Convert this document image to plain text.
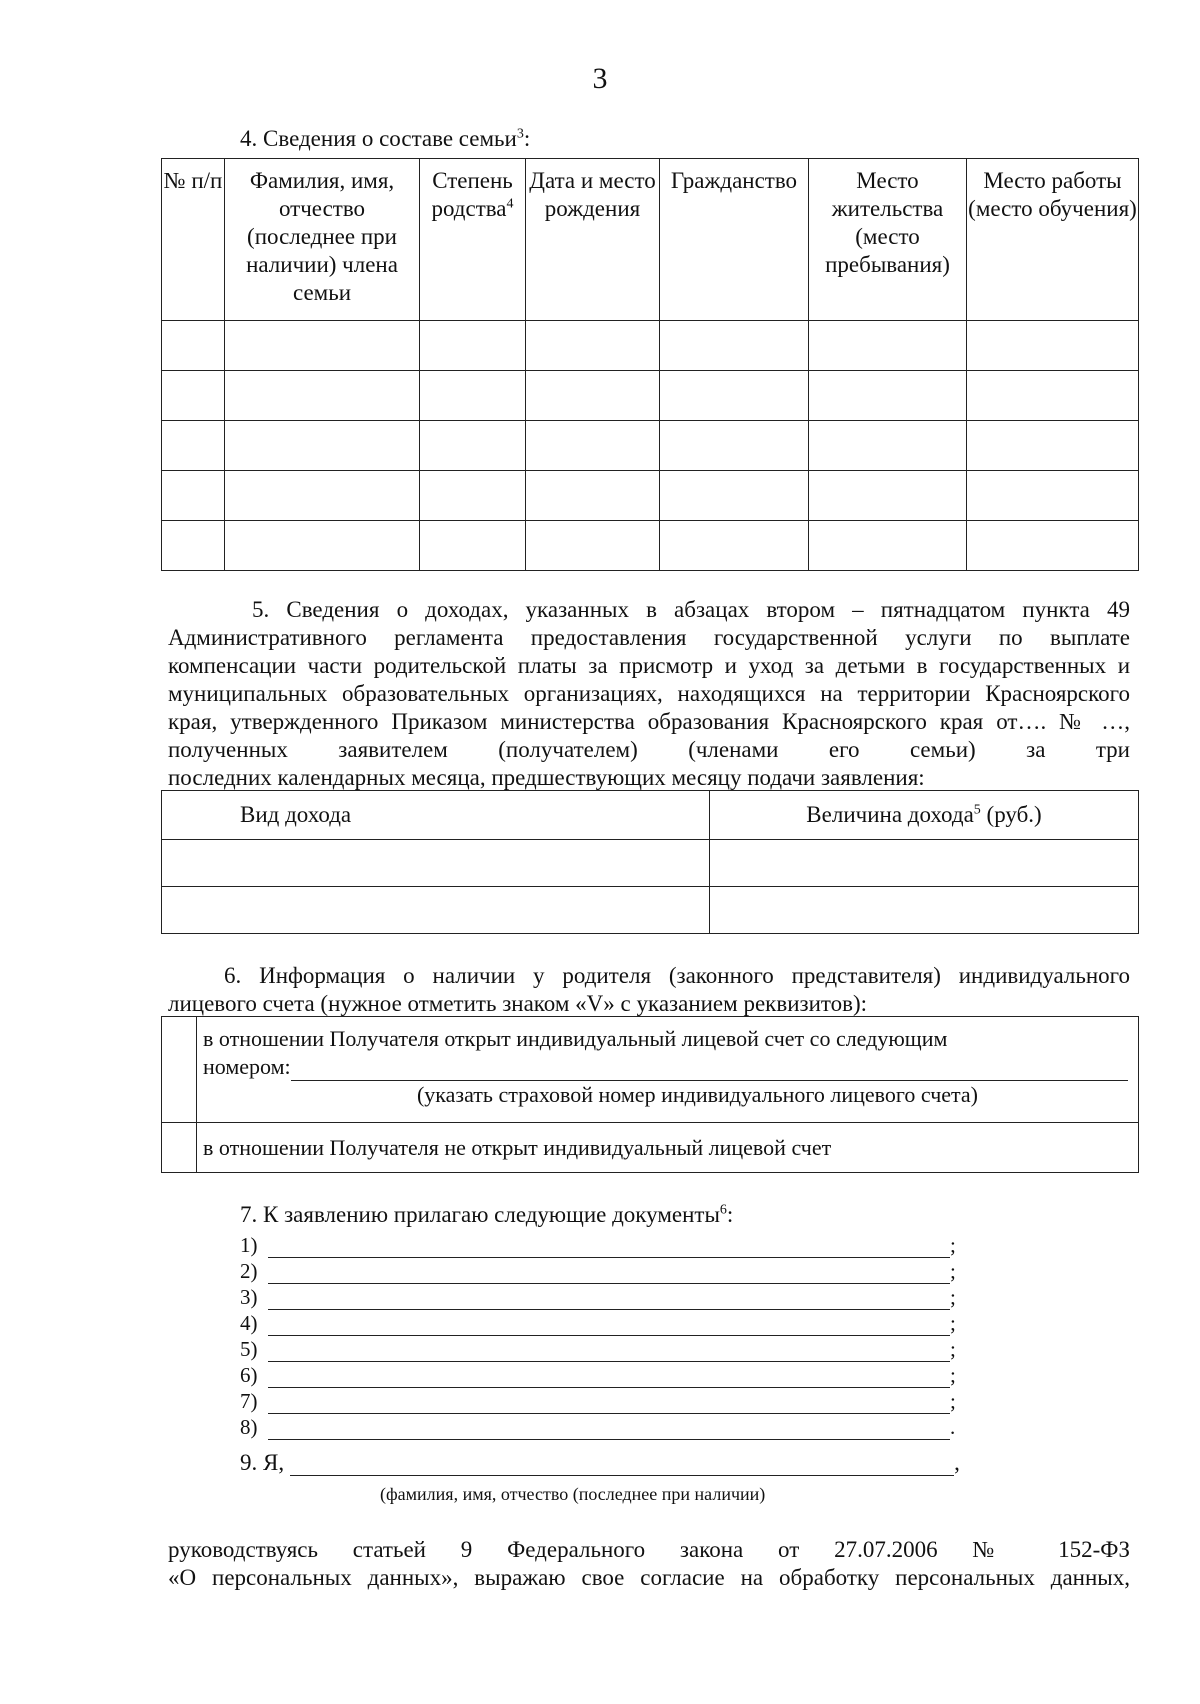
3
4. Сведения о составе семьи$^3$:
№ п/п	Фамилия, имя, отчество (последнее при наличии) члена семьи	Степень родства$^4$	Дата и место рождения	Гражданство	Место жительства (место пребывания)	Место работы (место обучения)

5. Сведения о доходах, указанных в абзацах втором – пятнадцатом пункта 49 Административного регламента предоставления государственной услуги по выплате компенсации части родительской платы за присмотр и уход за детьми в государственных и муниципальных образовательных организациях, находящихся на территории Красноярского края, утвержденного Приказом министерства образования Красноярского края от…. № …, полученных заявителем (получателем) (членами его семьи) за три
последних календарных месяца, предшествующих месяцу подачи заявления:
Вид дохода	Величина дохода$^5$ (руб.)

6. Информация о наличии у родителя (законного представителя) индивидуального
лицевого счета (нужное отметить знаком «V» с указанием реквизитов):

	в отношении Получателя открыт индивидуальный лицевой счет со следующим
номером:
(указать страховой номер индивидуального лицевого счета)

	в отношении Получателя не открыт индивидуальный лицевой счет
7. К заявлению прилагаю следующие документы$^6$:
1)	;
2)	;
3)	;
4)	;
5)	;
6)	;
7)	;
8)	.
9. Я,	,
(фамилия, имя, отчество (последнее при наличии)
руководствуясь статьей 9 Федерального закона от 27.07.2006 № 152-ФЗ
«О персональных данных», выражаю свое согласие на обработку персональных данных,
